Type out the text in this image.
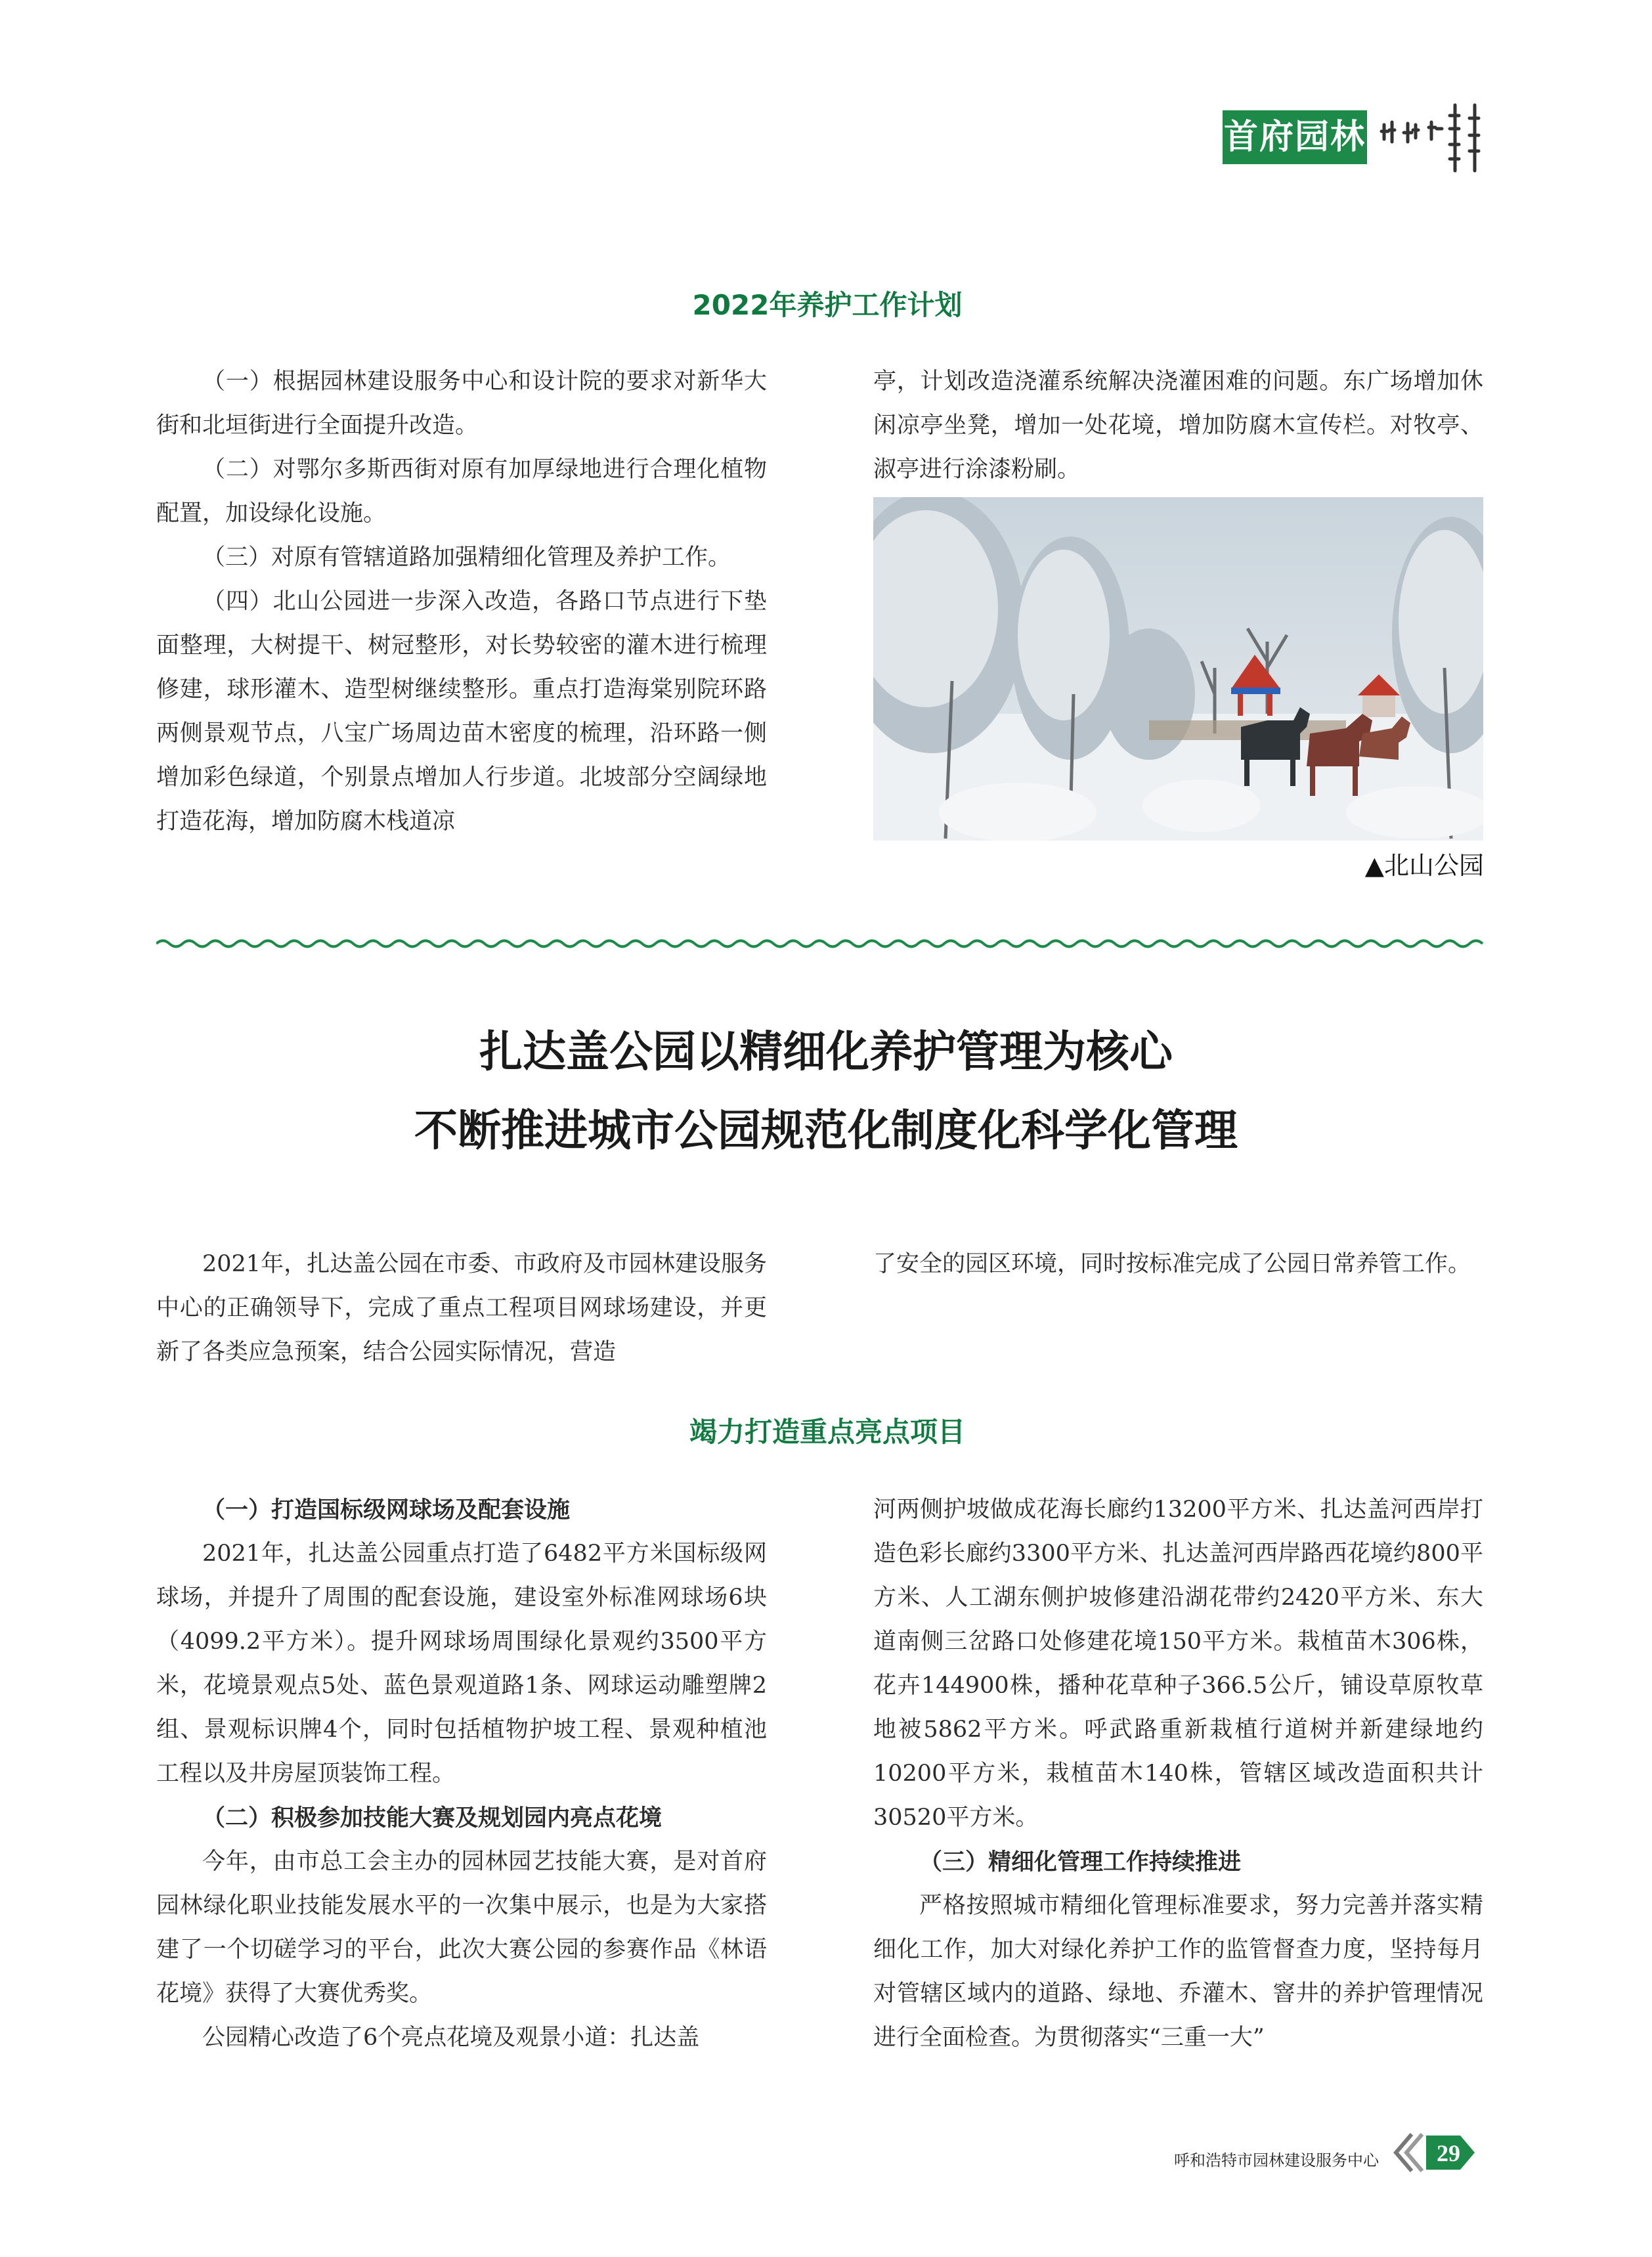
首府园林
2022年养护工作计划

（一）根据园林建设服务中心和设计院的要求对新华大街和北垣街进行全面提升改造。

（二）对鄂尔多斯西街对原有加厚绿地进行合理化植物配置，加设绿化设施。

（三）对原有管辖道路加强精细化管理及养护工作。

（四）北山公园进一步深入改造，各路口节点进行下垫面整理，大树提干、树冠整形，对长势较密的灌木进行梳理修建，球形灌木、造型树继续整形。重点打造海棠别院环路两侧景观节点，八宝广场周边苗木密度的梳理，沿环路一侧增加彩色绿道，个别景点增加人行步道。北坡部分空阔绿地打造花海，增加防腐木栈道凉

亭，计划改造浇灌系统解决浇灌困难的问题。东广场增加休闲凉亭坐凳，增加一处花境，增加防腐木宣传栏。对牧亭、淑亭进行涂漆粉刷。

▲北山公园
扎达盖公园以精细化养护管理为核心
不断推进城市公园规范化制度化科学化管理

2021年，扎达盖公园在市委、市政府及市园林建设服务中心的正确领导下，完成了重点工程项目网球场建设，并更新了各类应急预案，结合公园实际情况，营造

了安全的园区环境，同时按标准完成了公园日常养管工作。

竭力打造重点亮点项目
（一）打造国标级网球场及配套设施

2021年，扎达盖公园重点打造了6482平方米国标级网球场，并提升了周围的配套设施，建设室外标准网球场6块（4099.2平方米）。提升网球场周围绿化景观约3500平方米，花境景观点5处、蓝色景观道路1条、网球运动雕塑牌2组、景观标识牌4个，同时包括植物护坡工程、景观种植池工程以及井房屋顶装饰工程。

（二）积极参加技能大赛及规划园内亮点花境

今年，由市总工会主办的园林园艺技能大赛，是对首府园林绿化职业技能发展水平的一次集中展示，也是为大家搭建了一个切磋学习的平台，此次大赛公园的参赛作品《林语花境》获得了大赛优秀奖。

公园精心改造了6个亮点花境及观景小道：扎达盖

河两侧护坡做成花海长廊约13200平方米、扎达盖河西岸打造色彩长廊约3300平方米、扎达盖河西岸路西花境约800平方米、人工湖东侧护坡修建沿湖花带约2420平方米、东大道南侧三岔路口处修建花境150平方米。栽植苗木306株，花卉144900株，播种花草种子366.5公斤，铺设草原牧草地被5862平方米。呼武路重新栽植行道树并新建绿地约10200平方米，栽植苗木140株，管辖区域改造面积共计30520平方米。

（三）精细化管理工作持续推进

严格按照城市精细化管理标准要求，努力完善并落实精细化工作，加大对绿化养护工作的监管督查力度，坚持每月对管辖区域内的道路、绿地、乔灌木、窨井的养护管理情况进行全面检查。为贯彻落实“三重一大”

呼和浩特市园林建设服务中心 29
